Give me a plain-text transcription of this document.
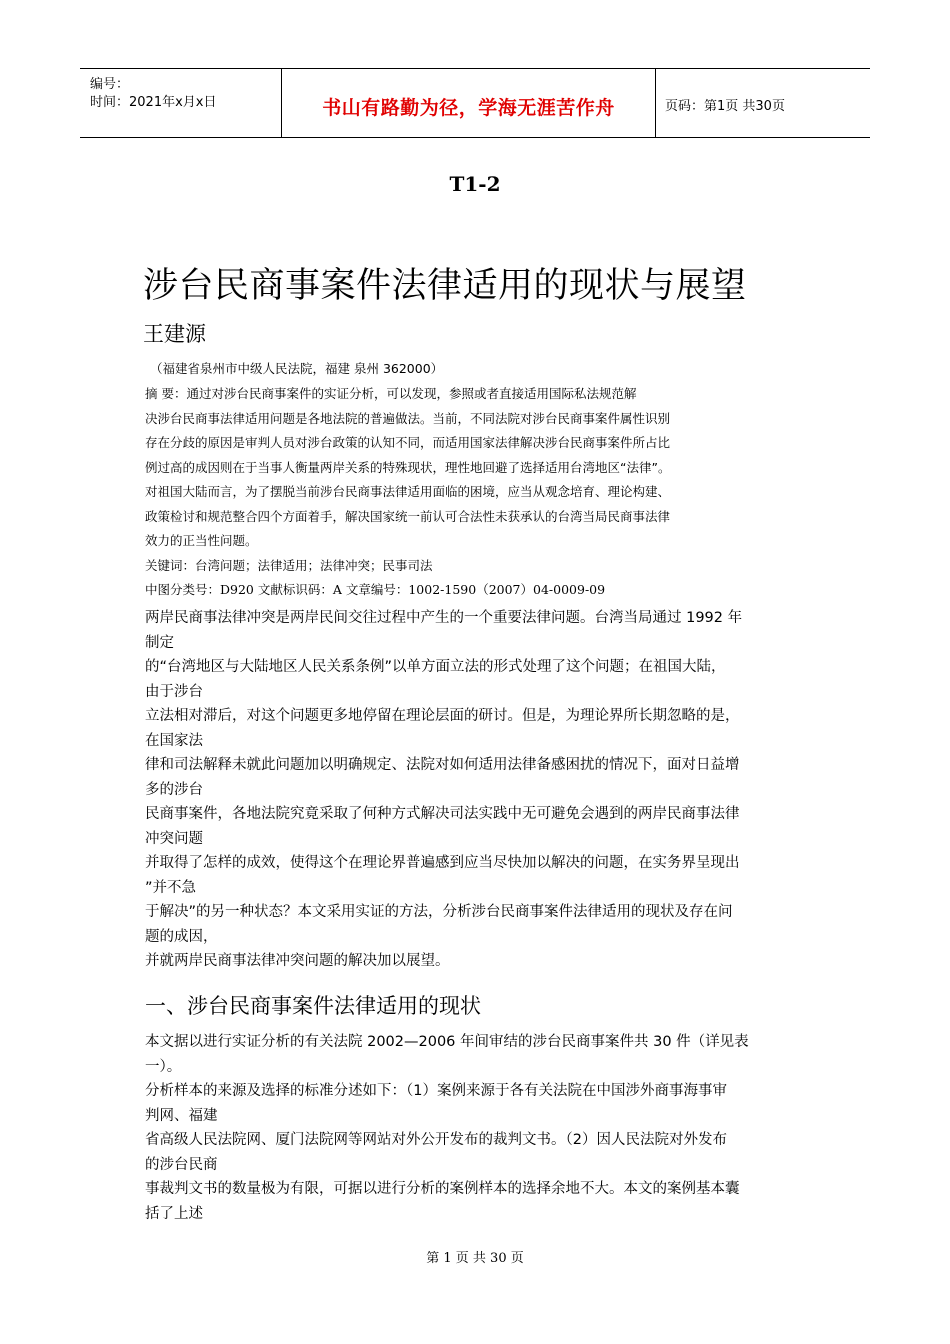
编号：
时间：2021年x月x日	书山有路勤为径，学海无涯苦作舟	页码：第1页 共30页
T1-2
涉台民商事案件法律适用的现状与展望
王建源
（福建省泉州市中级人民法院，福建 泉州 362000）
摘 要：通过对涉台民商事案件的实证分析，可以发现，参照或者直接适用国际私法规范解
决涉台民商事法律适用问题是各地法院的普遍做法。当前，不同法院对涉台民商事案件属性识别
存在分歧的原因是审判人员对涉台政策的认知不同，而适用国家法律解决涉台民商事案件所占比
例过高的成因则在于当事人衡量两岸关系的特殊现状，理性地回避了选择适用台湾地区“法律”。
对祖国大陆而言，为了摆脱当前涉台民商事法律适用面临的困境，应当从观念培育、理论构建、
政策检讨和规范整合四个方面着手，解决国家统一前认可合法性未获承认的台湾当局民商事法律
效力的正当性问题。
关键词：台湾问题；法律适用；法律冲突；民事司法
中图分类号：D920 文献标识码：A 文章编号：1002-1590（2007）04-0009-09
两岸民商事法律冲突是两岸民间交往过程中产生的一个重要法律问题。台湾当局通过 1992 年
制定
的“台湾地区与大陆地区人民关系条例”以单方面立法的形式处理了这个问题；在祖国大陆，
由于涉台
立法相对滞后，对这个问题更多地停留在理论层面的研讨。但是，为理论界所长期忽略的是，
在国家法
律和司法解释未就此问题加以明确规定、法院对如何适用法律备感困扰的情况下，面对日益增
多的涉台
民商事案件，各地法院究竟采取了何种方式解决司法实践中无可避免会遇到的两岸民商事法律
冲突问题
并取得了怎样的成效，使得这个在理论界普遍感到应当尽快加以解决的问题，在实务界呈现出
”并不急
于解决”的另一种状态？本文采用实证的方法，分析涉台民商事案件法律适用的现状及存在问
题的成因，
并就两岸民商事法律冲突问题的解决加以展望。
一、涉台民商事案件法律适用的现状
本文据以进行实证分析的有关法院 2002—2006 年间审结的涉台民商事案件共 30 件（详见表
一）。
分析样本的来源及选择的标准分述如下：（1）案例来源于各有关法院在中国涉外商事海事审
判网、福建
省高级人民法院网、厦门法院网等网站对外公开发布的裁判文书。（2）因人民法院对外发布
的涉台民商
事裁判文书的数量极为有限，可据以进行分析的案例样本的选择余地不大。本文的案例基本囊
括了上述
第 1 页 共 30 页
